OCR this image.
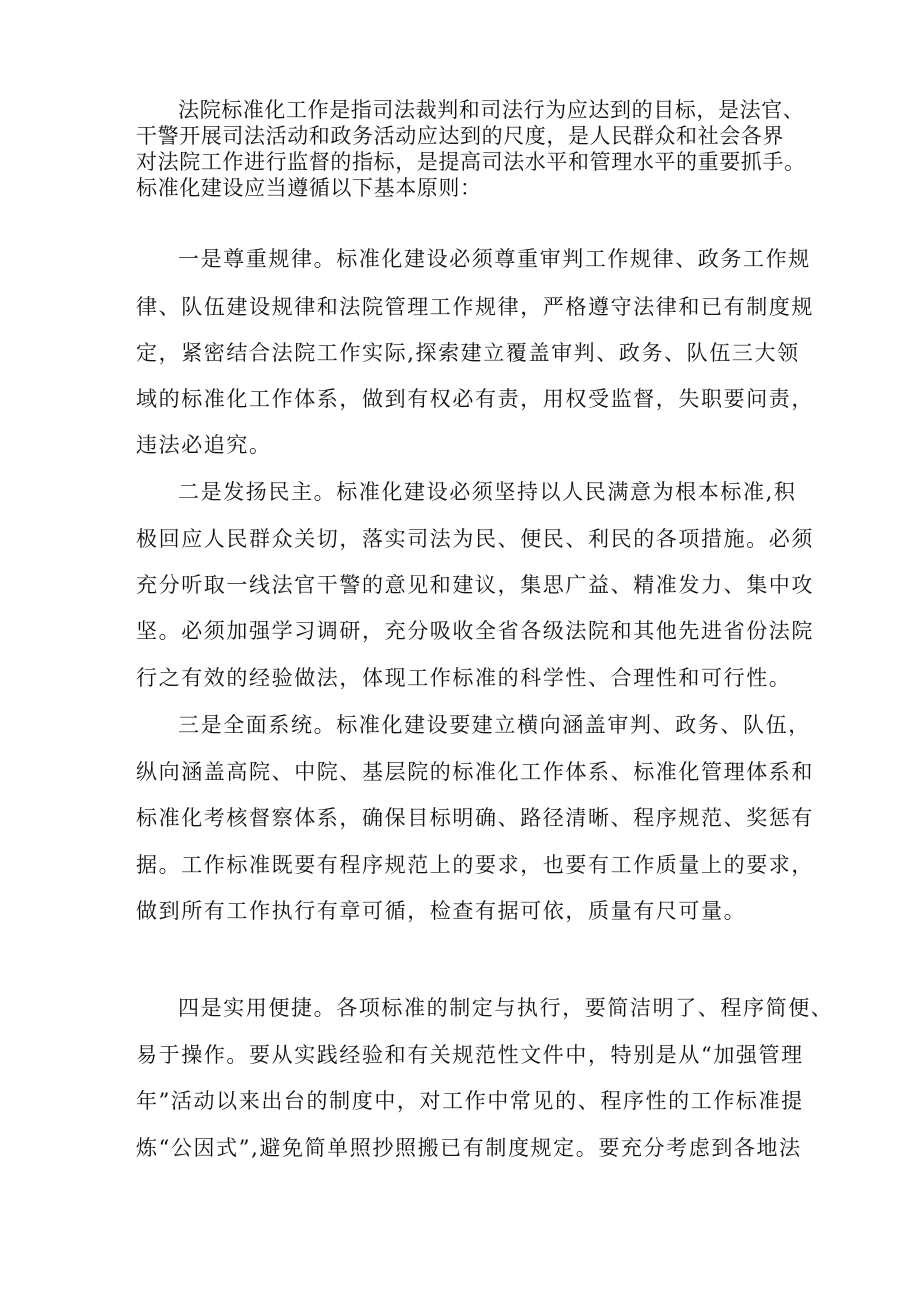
法院标准化工作是指司法裁判和司法行为应达到的目标，是法官、
干警开展司法活动和政务活动应达到的尺度，是人民群众和社会各界
对法院工作进行监督的指标，是提高司法水平和管理水平的重要抓手。
标准化建设应当遵循以下基本原则：
一是尊重规律。标准化建设必须尊重审判工作规律、政务工作规
律、队伍建设规律和法院管理工作规律，严格遵守法律和已有制度规
定，紧密结合法院工作实际,探索建立覆盖审判、政务、队伍三大领
域的标准化工作体系，做到有权必有责，用权受监督，失职要问责，
违法必追究。
二是发扬民主。标准化建设必须坚持以人民满意为根本标准,积
极回应人民群众关切，落实司法为民、便民、利民的各项措施。必须
充分听取一线法官干警的意见和建议，集思广益、精准发力、集中攻
坚。必须加强学习调研，充分吸收全省各级法院和其他先进省份法院
行之有效的经验做法，体现工作标准的科学性、合理性和可行性。
三是全面系统。标准化建设要建立横向涵盖审判、政务、队伍，
纵向涵盖高院、中院、基层院的标准化工作体系、标准化管理体系和
标准化考核督察体系，确保目标明确、路径清晰、程序规范、奖惩有
据。工作标准既要有程序规范上的要求，也要有工作质量上的要求，
做到所有工作执行有章可循，检查有据可依，质量有尺可量。
四是实用便捷。各项标准的制定与执行，要简洁明了、程序简便、
易于操作。要从实践经验和有关规范性文件中，特别是从“加强管理
年”活动以来出台的制度中，对工作中常见的、程序性的工作标准提
炼“公因式”,避免简单照抄照搬已有制度规定。要充分考虑到各地法
